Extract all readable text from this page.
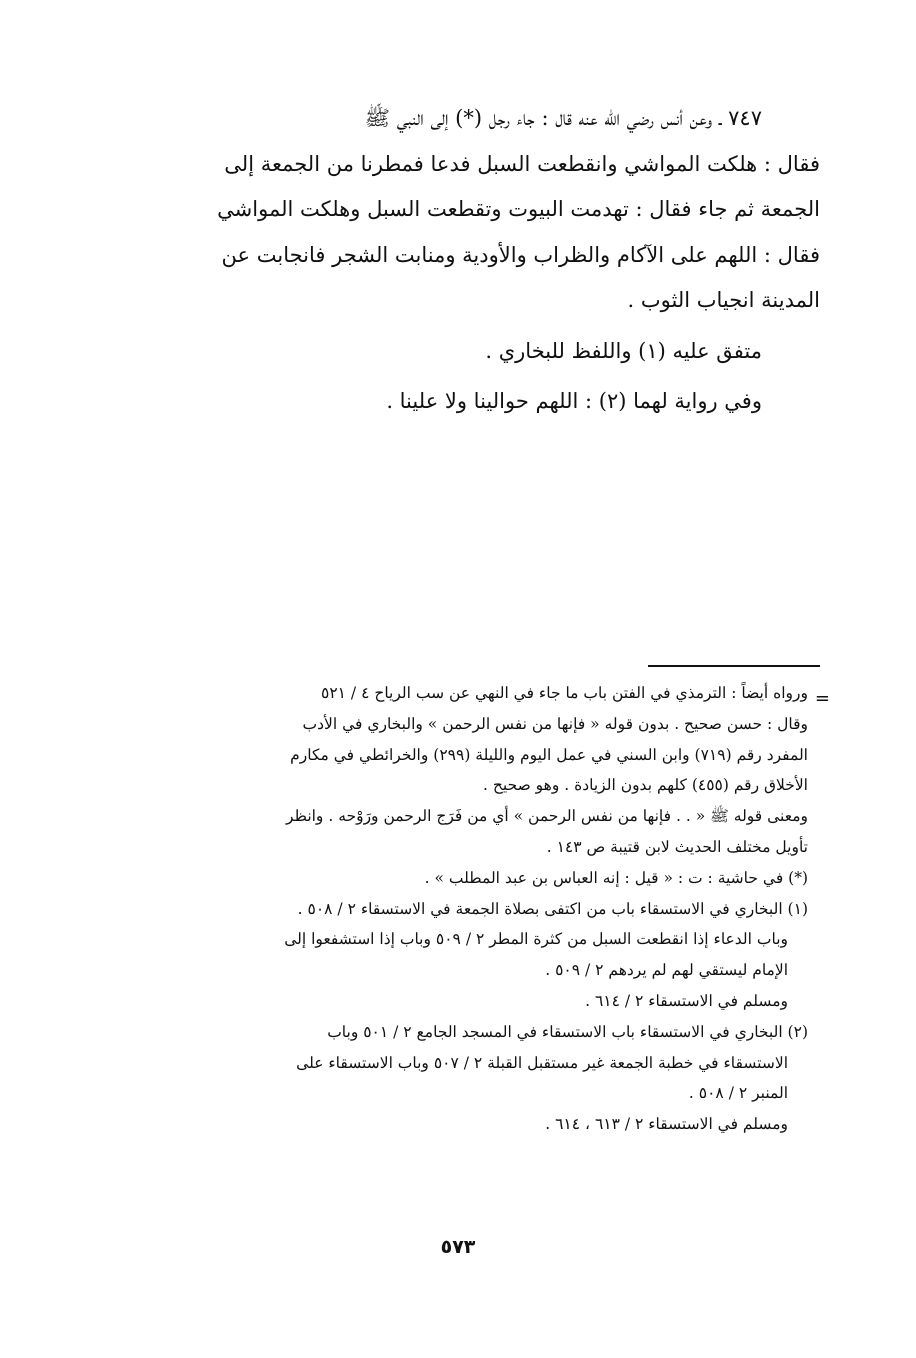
٧٤٧ ـ وعن أنس رضي الله عنه قال : جاء رجل (*) إلى النبي ﷺ

فقال : هلكت المواشي وانقطعت السبل فدعا فمطرنا من الجمعة إلى

الجمعة ثم جاء فقال : تهدمت البيوت وتقطعت السبل وهلكت المواشي

فقال : اللهم على الآكام والظراب والأودية ومنابت الشجر فانجابت عن

المدينة انجياب الثوب .

متفق عليه (١) واللفظ للبخاري .

وفي رواية لهما (٢) : اللهم حوالينا ولا علينا .

=

ورواه أيضاً : الترمذي في الفتن باب ما جاء في النهي عن سب الرياح ٤ / ٥٢١

وقال : حسن صحيح . بدون قوله « فإنها من نفس الرحمن » والبخاري في الأدب

المفرد رقم (٧١٩) وابن السني في عمل اليوم والليلة (٢٩٩) والخرائطي في مكارم

الأخلاق رقم (٤٥٥) كلهم بدون الزيادة . وهو صحيح .

ومعنى قوله ﷺ « . . فإنها من نفس الرحمن » أي من فَرَج الرحمن ورَوْحه . وانظر

تأويل مختلف الحديث لابن قتيبة ص ١٤٣ .

(*) في حاشية : ت : « قيل : إنه العباس بن عبد المطلب » .

(١) البخاري في الاستسقاء باب من اكتفى بصلاة الجمعة في الاستسقاء ٢ / ٥٠٨ .

وباب الدعاء إذا انقطعت السبل من كثرة المطر ٢ / ٥٠٩ وباب إذا استشفعوا إلى

الإمام ليستقي لهم لم يردهم ٢ / ٥٠٩ .

ومسلم في الاستسقاء ٢ / ٦١٤ .

(٢) البخاري في الاستسقاء باب الاستسقاء في المسجد الجامع ٢ / ٥٠١ وباب

الاستسقاء في خطبة الجمعة غير مستقبل القبلة ٢ / ٥٠٧ وباب الاستسقاء على

المنبر ٢ / ٥٠٨ .

ومسلم في الاستسقاء ٢ / ٦١٣ ، ٦١٤ .

٥٧٣
